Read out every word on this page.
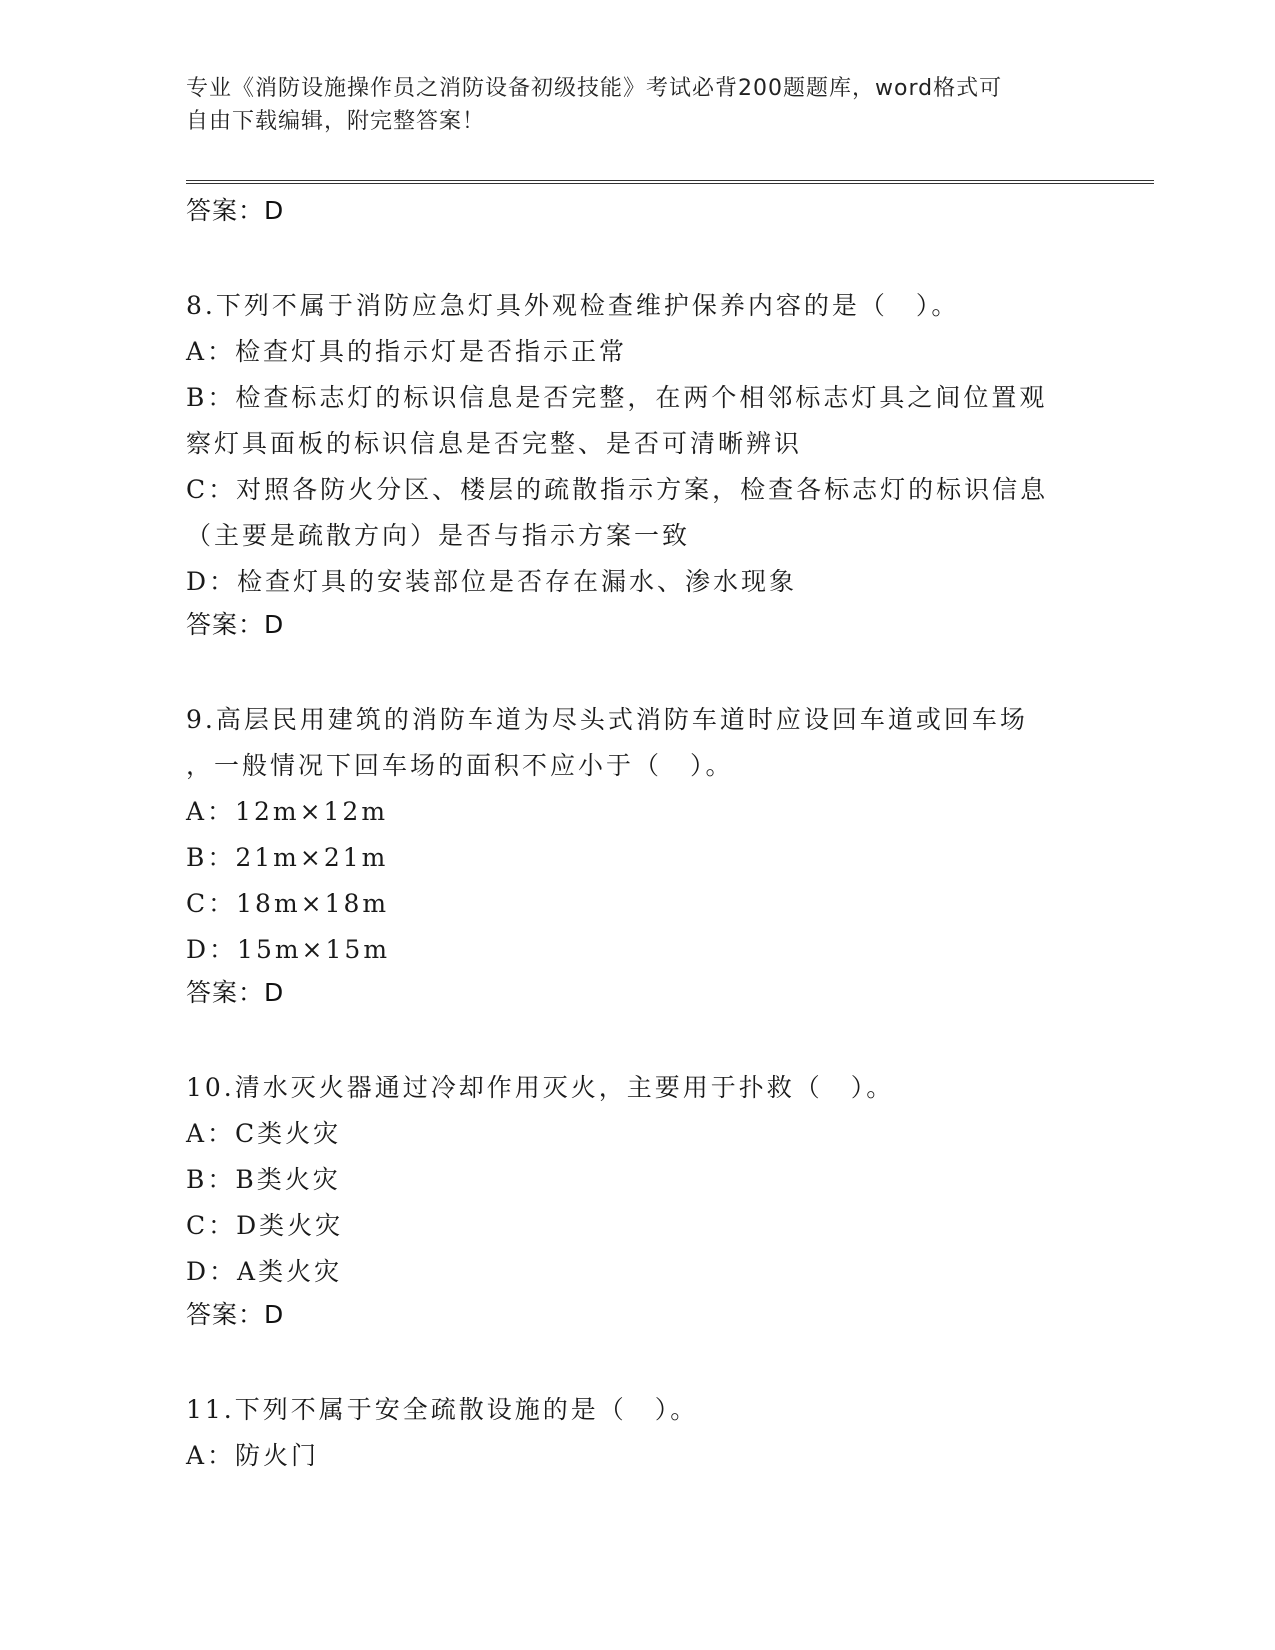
专业《消防设施操作员之消防设备初级技能》考试必背200题题库，word格式可
自由下载编辑，附完整答案！
答案：D
8.下列不属于消防应急灯具外观检查维护保养内容的是（　）。
A：检查灯具的指示灯是否指示正常
B：检查标志灯的标识信息是否完整，在两个相邻标志灯具之间位置观
察灯具面板的标识信息是否完整、是否可清晰辨识
C：对照各防火分区、楼层的疏散指示方案，检查各标志灯的标识信息
（主要是疏散方向）是否与指示方案一致
D：检查灯具的安装部位是否存在漏水、渗水现象
答案：D
9.高层民用建筑的消防车道为尽头式消防车道时应设回车道或回车场
，一般情况下回车场的面积不应小于（　）。
A：12m×12m
B：21m×21m
C：18m×18m
D：15m×15m
答案：D
10.清水灭火器通过冷却作用灭火，主要用于扑救（　）。
A：C类火灾
B：B类火灾
C：D类火灾
D：A类火灾
答案：D
11.下列不属于安全疏散设施的是（　）。
A：防火门
